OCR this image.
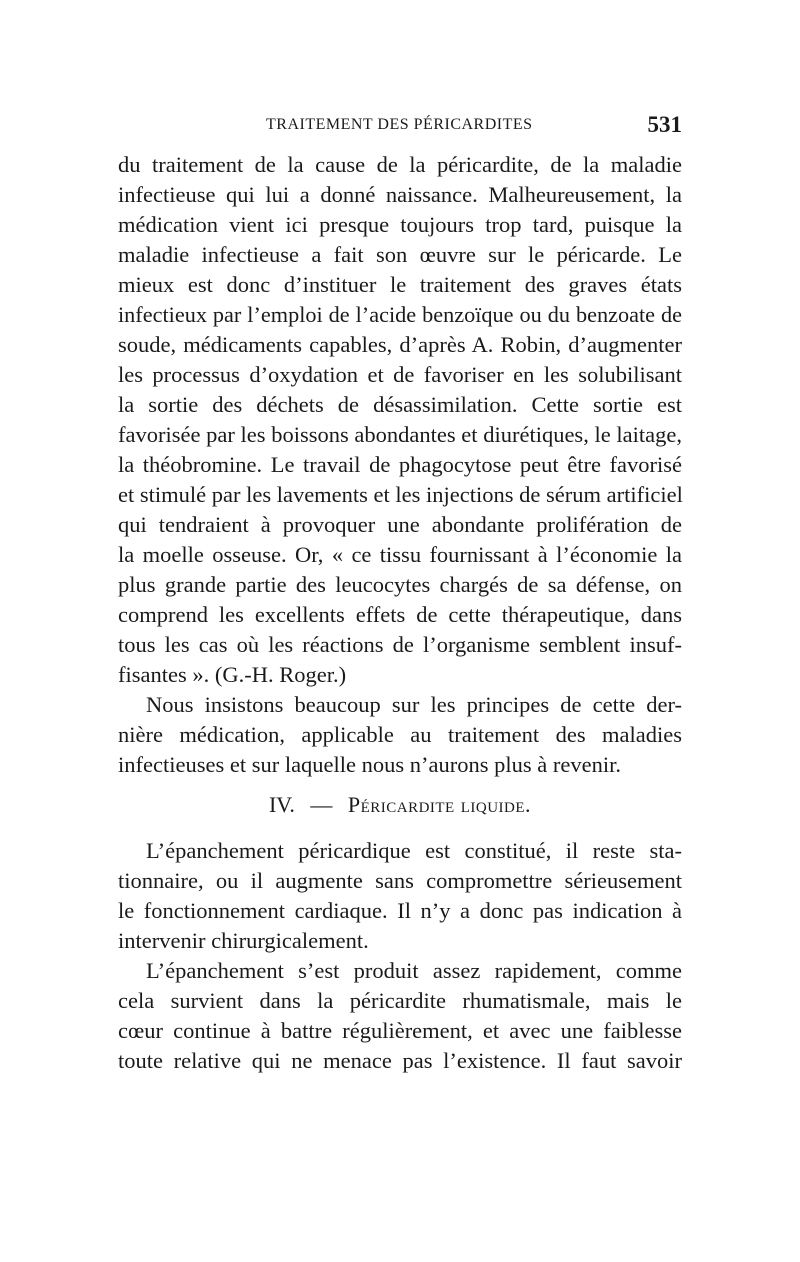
TRAITEMENT DES PÉRICARDITES	531
du traitement de la cause de la péricardite, de la maladie
infectieuse qui lui a donné naissance. Malheureusement, la
médication vient ici presque toujours trop tard, puisque la
maladie infectieuse a fait son œuvre sur le péricarde. Le
mieux est donc d’instituer le traitement des graves états
infectieux par l’emploi de l’acide benzoïque ou du benzoate de
soude, médicaments capables, d’après A. Robin, d’augmenter
les processus d’oxydation et de favoriser en les solubilisant
la sortie des déchets de désassimilation. Cette sortie est
favorisée par les boissons abondantes et diurétiques, le laitage,
la théobromine. Le travail de phagocytose peut être favorisé
et stimulé par les lavements et les injections de sérum artificiel
qui tendraient à provoquer une abondante prolifération de
la moelle osseuse. Or, « ce tissu fournissant à l’économie la
plus grande partie des leucocytes chargés de sa défense, on
comprend les excellents effets de cette thérapeutique, dans
tous les cas où les réactions de l’organisme semblent insuf-
fisantes ». (G.-H. Roger.)
Nous insistons beaucoup sur les principes de cette der-
nière médication, applicable au traitement des maladies
infectieuses et sur laquelle nous n’aurons plus à revenir.
IV. — Péricardite liquide.
L’épanchement péricardique est constitué, il reste sta-
tionnaire, ou il augmente sans compromettre sérieusement
le fonctionnement cardiaque. Il n’y a donc pas indication à
intervenir chirurgicalement.
L’épanchement s’est produit assez rapidement, comme
cela survient dans la péricardite rhumatismale, mais le
cœur continue à battre régulièrement, et avec une faiblesse
toute relative qui ne menace pas l’existence. Il faut savoir
